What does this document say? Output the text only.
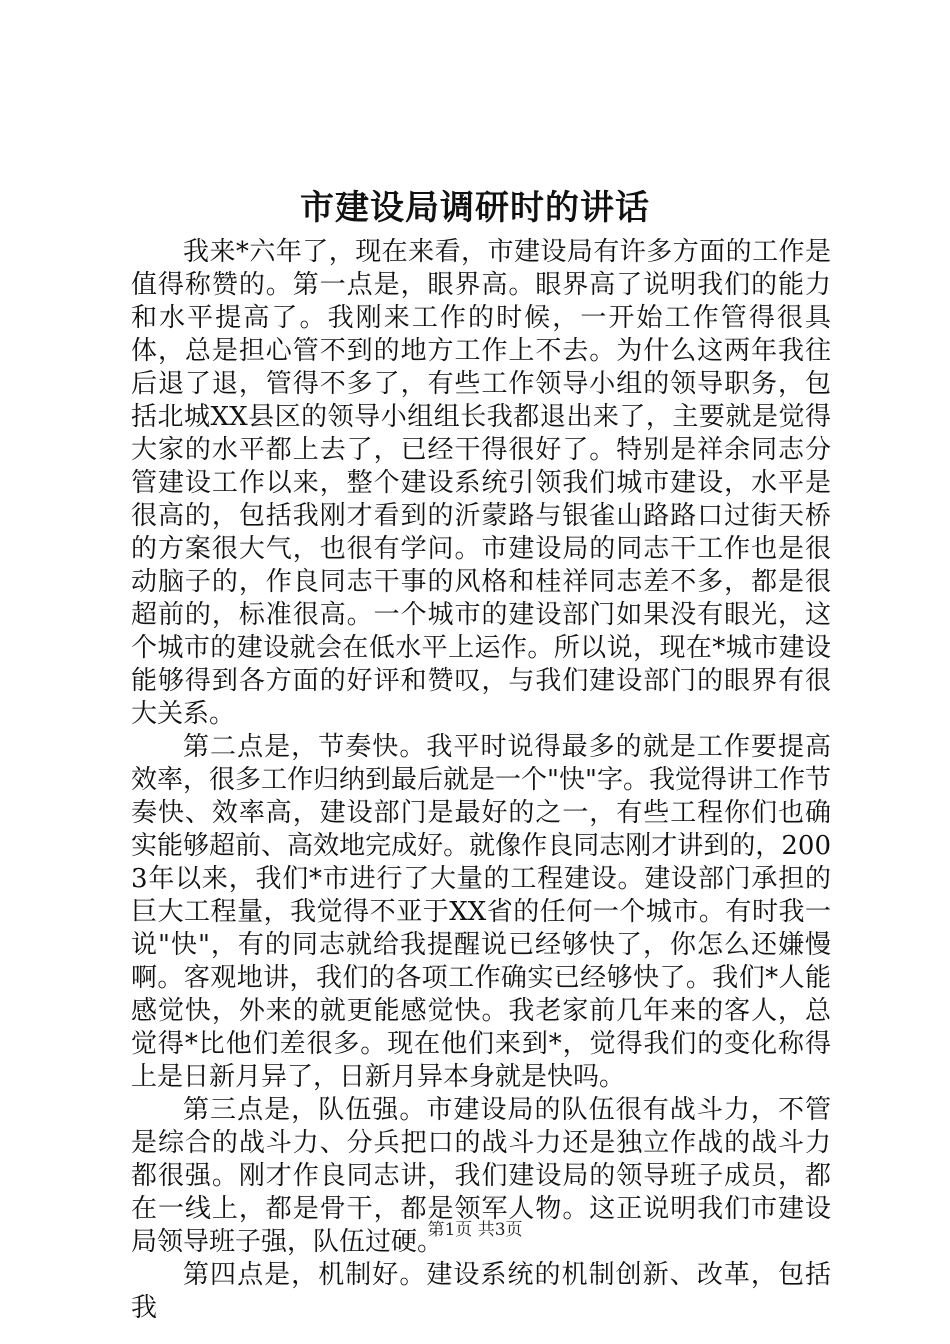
市建设局调研时的讲话

我来*六年了，现在来看，市建设局有许多方面的工作是值得称赞的。第一点是，眼界高。眼界高了说明我们的能力和水平提高了。我刚来工作的时候，一开始工作管得很具体，总是担心管不到的地方工作上不去。为什么这两年我往后退了退，管得不多了，有些工作领导小组的领导职务，包括北城XX县区的领导小组组长我都退出来了，主要就是觉得大家的水平都上去了，已经干得很好了。特别是祥余同志分管建设工作以来，整个建设系统引领我们城市建设，水平是很高的，包括我刚才看到的沂蒙路与银雀山路路口过街天桥的方案很大气，也很有学问。市建设局的同志干工作也是很动脑子的，作良同志干事的风格和桂祥同志差不多，都是很超前的，标准很高。一个城市的建设部门如果没有眼光，这个城市的建设就会在低水平上运作。所以说，现在*城市建设能够得到各方面的好评和赞叹，与我们建设部门的眼界有很大关系。

第二点是，节奏快。我平时说得最多的就是工作要提高效率，很多工作归纳到最后就是一个"快"字。我觉得讲工作节奏快、效率高，建设部门是最好的之一，有些工程你们也确实能够超前、高效地完成好。就像作良同志刚才讲到的，2003年以来，我们*市进行了大量的工程建设。建设部门承担的巨大工程量，我觉得不亚于XX省的任何一个城市。有时我一说"快"，有的同志就给我提醒说已经够快了，你怎么还嫌慢啊。客观地讲，我们的各项工作确实已经够快了。我们*人能感觉快，外来的就更能感觉快。我老家前几年来的客人，总觉得*比他们差很多。现在他们来到*，觉得我们的变化称得上是日新月异了，日新月异本身就是快吗。

第三点是，队伍强。市建设局的队伍很有战斗力，不管是综合的战斗力、分兵把口的战斗力还是独立作战的战斗力都很强。刚才作良同志讲，我们建设局的领导班子成员，都在一线上，都是骨干，都是领军人物。这正说明我们市建设局领导班子强，队伍过硬。

第四点是，机制好。建设系统的机制创新、改革，包括我

第1页 共3页
